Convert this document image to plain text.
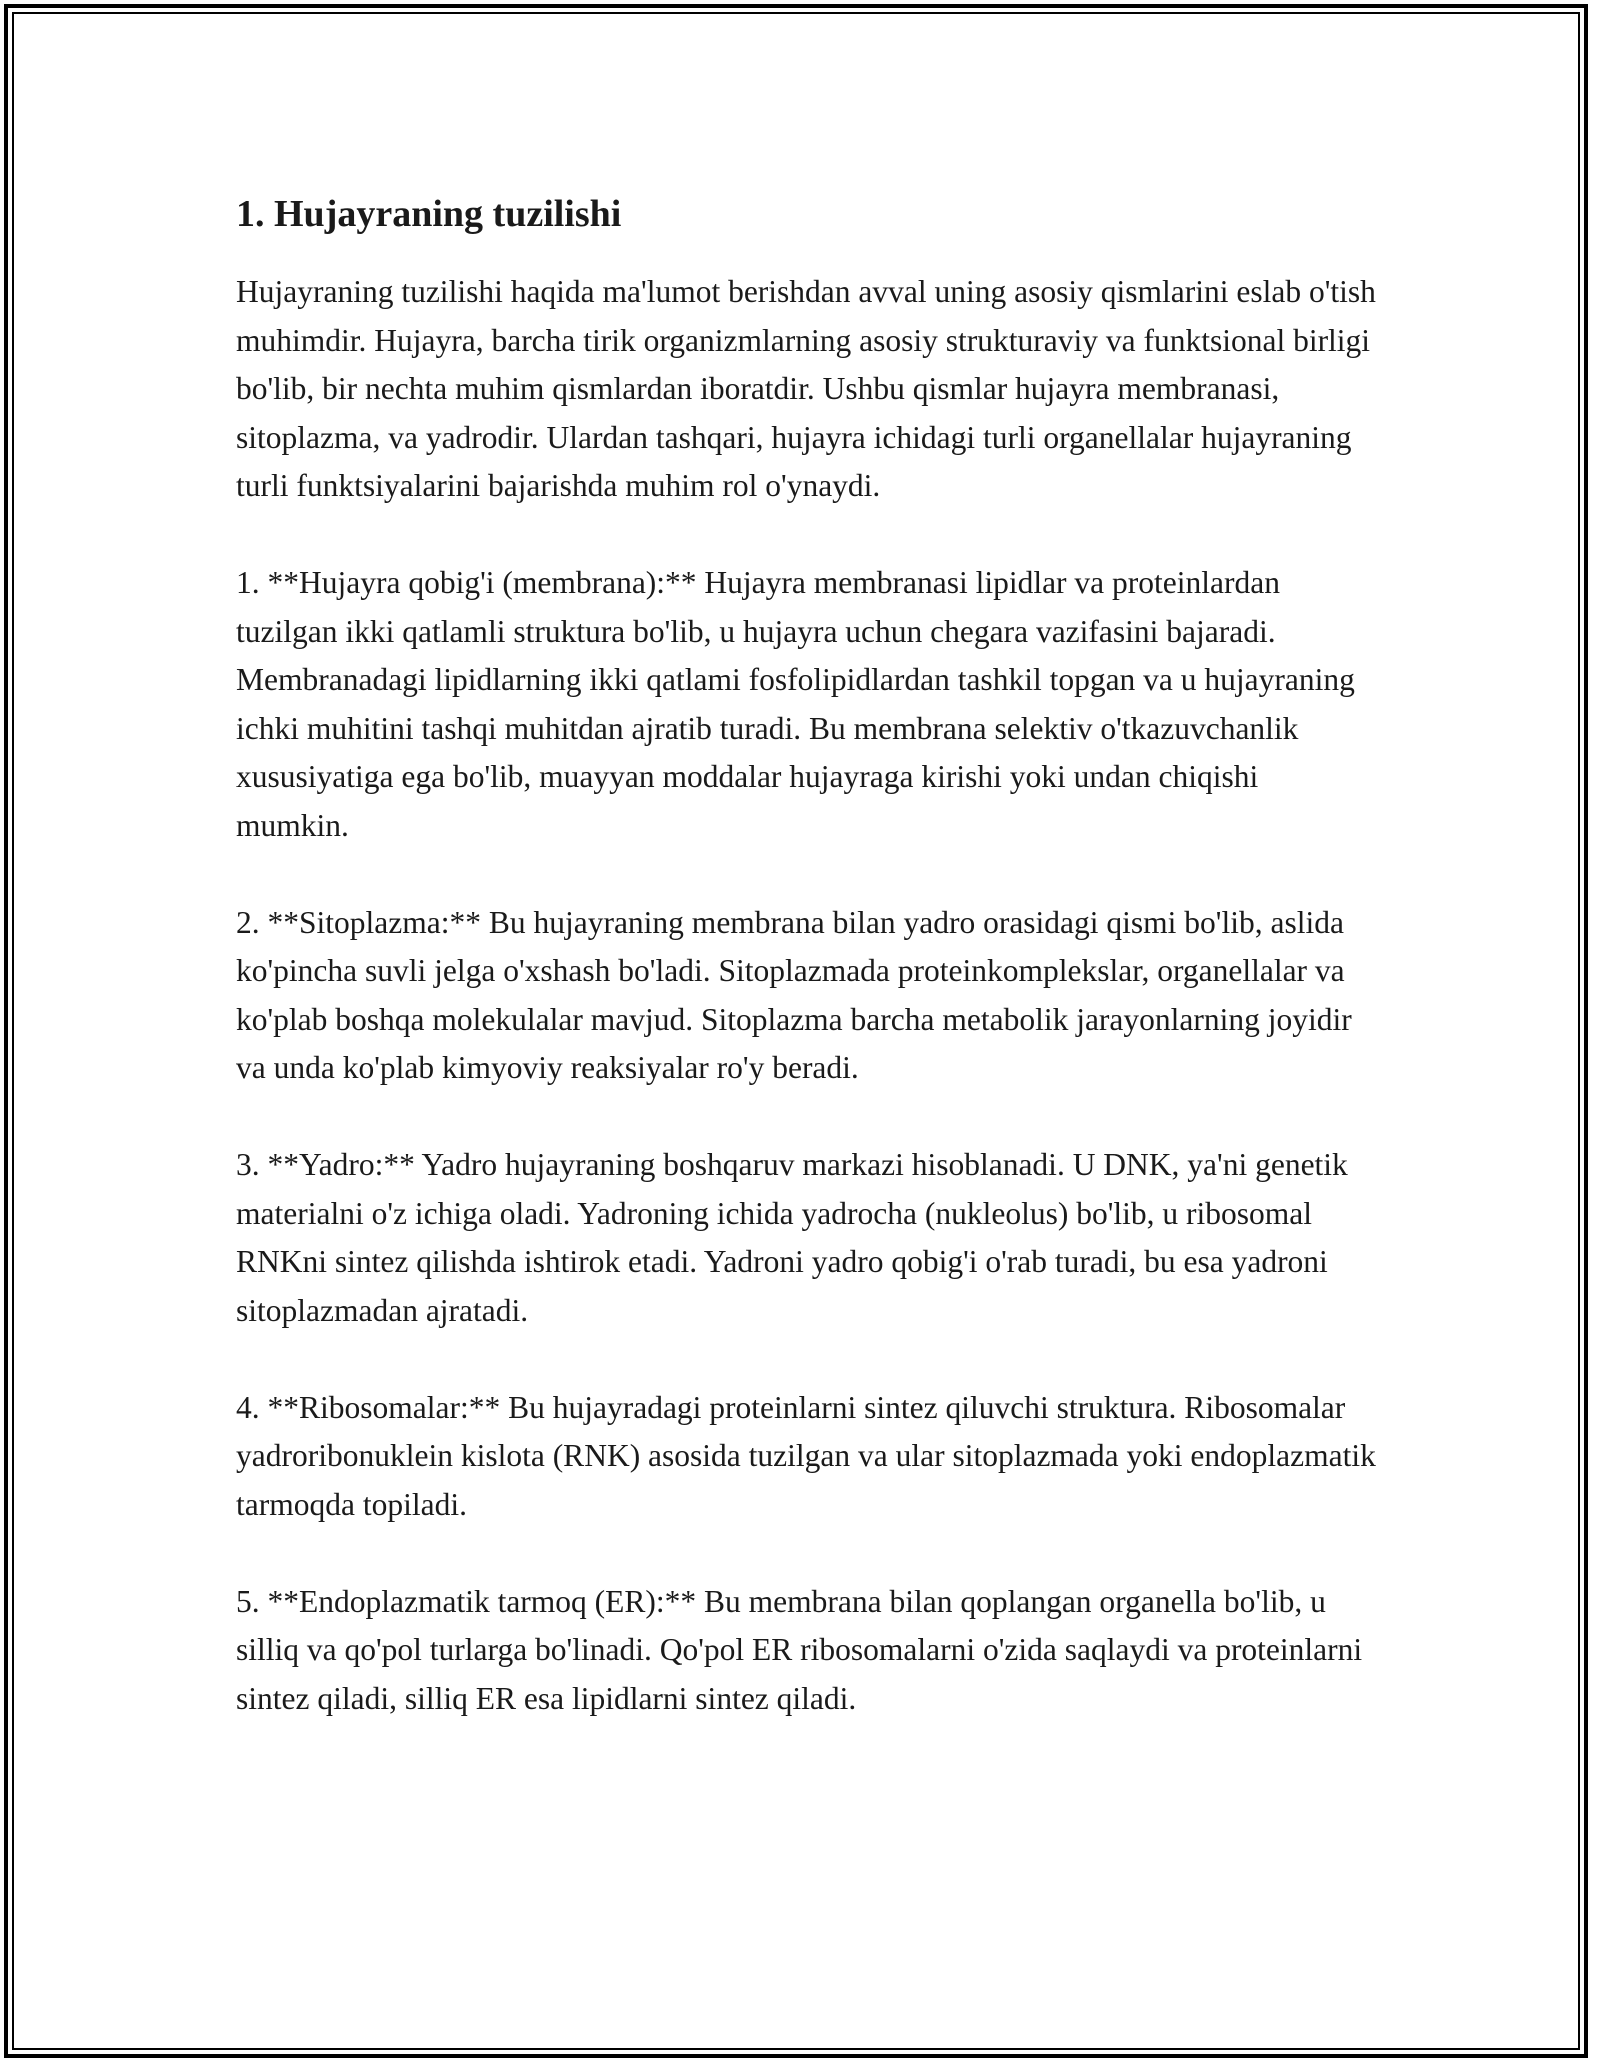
1. Hujayraning tuzilishi

Hujayraning tuzilishi haqida ma'lumot berishdan avval uning asosiy qismlarini eslab o'tish muhimdir. Hujayra, barcha tirik organizmlarning asosiy strukturaviy va funktsional birligi bo'lib, bir nechta muhim qismlardan iboratdir. Ushbu qismlar hujayra membranasi, sitoplazma, va yadrodir. Ulardan tashqari, hujayra ichidagi turli organellalar hujayraning turli funktsiyalarini bajarishda muhim rol o'ynaydi.

1. **Hujayra qobig'i (membrana):** Hujayra membranasi lipidlar va proteinlardan tuzilgan ikki qatlamli struktura bo'lib, u hujayra uchun chegara vazifasini bajaradi. Membranadagi lipidlarning ikki qatlami fosfolipidlardan tashkil topgan va u hujayraning ichki muhitini tashqi muhitdan ajratib turadi. Bu membrana selektiv o'tkazuvchanlik xususiyatiga ega bo'lib, muayyan moddalar hujayraga kirishi yoki undan chiqishi mumkin.

2. **Sitoplazma:** Bu hujayraning membrana bilan yadro orasidagi qismi bo'lib, aslida ko'pincha suvli jelga o'xshash bo'ladi. Sitoplazmada proteinkomplekslar, organellalar va ko'plab boshqa molekulalar mavjud. Sitoplazma barcha metabolik jarayonlarning joyidir va unda ko'plab kimyoviy reaksiyalar ro'y beradi.

3. **Yadro:** Yadro hujayraning boshqaruv markazi hisoblanadi. U DNK, ya'ni genetik materialni o'z ichiga oladi. Yadroning ichida yadrocha (nukleolus) bo'lib, u ribosomal RNKni sintez qilishda ishtirok etadi. Yadroni yadro qobig'i o'rab turadi, bu esa yadroni sitoplazmadan ajratadi.

4. **Ribosomalar:** Bu hujayradagi proteinlarni sintez qiluvchi struktura. Ribosomalar yadroribonuklein kislota (RNK) asosida tuzilgan va ular sitoplazmada yoki endoplazmatik tarmoqda topiladi.

5. **Endoplazmatik tarmoq (ER):** Bu membrana bilan qoplangan organella bo'lib, u silliq va qo'pol turlarga bo'linadi. Qo'pol ER ribosomalarni o'zida saqlaydi va proteinlarni sintez qiladi, silliq ER esa lipidlarni sintez qiladi.
